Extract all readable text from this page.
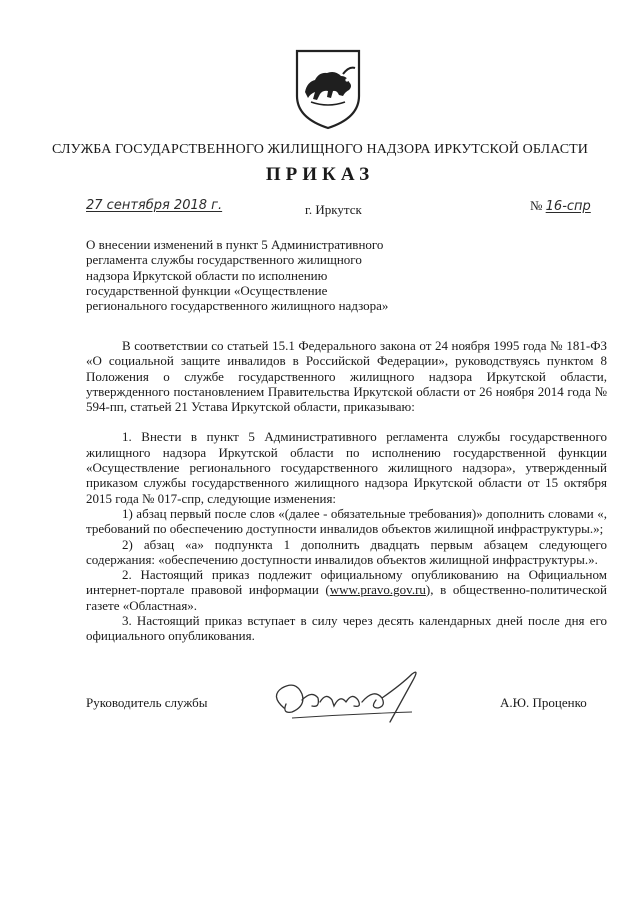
СЛУЖБА ГОСУДАРСТВЕННОГО ЖИЛИЩНОГО НАДЗОРА ИРКУТСКОЙ ОБЛАСТИ
ПРИКАЗ
27 сентября 2018 г.	г. Иркутск	№ 16-спр
О внесении изменений в пункт 5 Административного
регламента службы государственного жилищного
надзора Иркутской области по исполнению
государственной функции «Осуществление
регионального государственного жилищного надзора»

В соответствии со статьей 15.1 Федерального закона от 24 ноября 1995 года № 181-ФЗ «О социальной защите инвалидов в Российской Федерации», руководствуясь пунктом 8 Положения о службе государственного жилищного надзора Иркутской области, утвержденного постановлением Правительства Иркутской области от 26 ноября 2014 года № 594-пп, статьей 21 Устава Иркутской области, приказываю:

1. Внести в пункт 5 Административного регламента службы государственного жилищного надзора Иркутской области по исполнению государственной функции «Осуществление регионального государственного жилищного надзора», утвержденный приказом службы государственного жилищного надзора Иркутской области от 15 октября 2015 года № 017-спр, следующие изменения:

1) абзац первый после слов «(далее - обязательные требования)» дополнить словами «, требований по обеспечению доступности инвалидов объектов жилищной инфраструктуры.»;

2) абзац «а» подпункта 1 дополнить двадцать первым абзацем следующего содержания: «обеспечению доступности инвалидов объектов жилищной инфраструктуры.».

2. Настоящий приказ подлежит официальному опубликованию на Официальном интернет-портале правовой информации (www.pravo.gov.ru), в общественно-политической газете «Областная».

3. Настоящий приказ вступает в силу через десять календарных дней после дня его официального опубликования.

Руководитель службы	А.Ю. Проценко
